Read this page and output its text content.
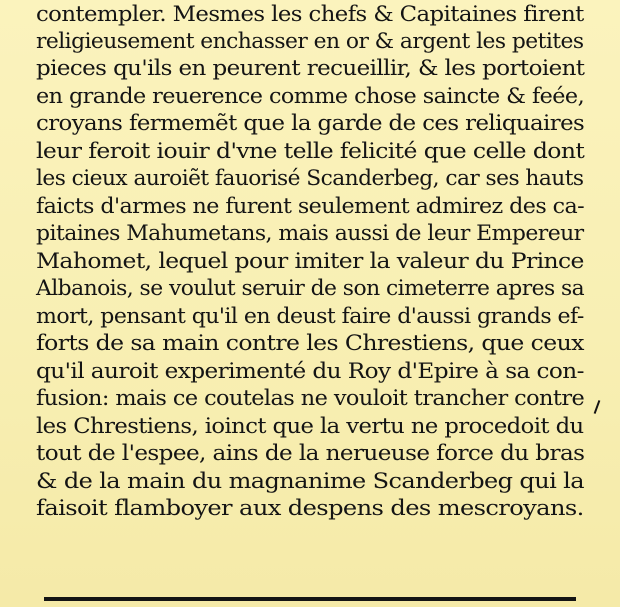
contempler. Mesmes les chefs & Capitaines firent
religieusement enchasser en or & argent les petites
pieces qu'ils en peurent recueillir, & les portoient
en grande reuerence comme chose saincte & feée,
croyans fermemẽt que la garde de ces reliquaires
leur feroit iouir d'vne telle felicité que celle dont
les cieux auroiẽt fauorisé Scanderbeg, car ses hauts
faicts d'armes ne furent seulement admirez des ca-
pitaines Mahumetans, mais aussi de leur Empereur
Mahomet, lequel pour imiter la valeur du Prince
Albanois, se voulut seruir de son cimeterre apres sa
mort, pensant qu'il en deust faire d'aussi grands ef-
forts de sa main contre les Chrestiens, que ceux
qu'il auroit experimenté du Roy d'Epire à sa con-
fusion: mais ce coutelas ne vouloit trancher contre
les Chrestiens, ioinct que la vertu ne procedoit du
tout de l'espee, ains de la nerueuse force du bras
& de la main du magnanime Scanderbeg qui la
faisoit flamboyer aux despens des mescroyans.
